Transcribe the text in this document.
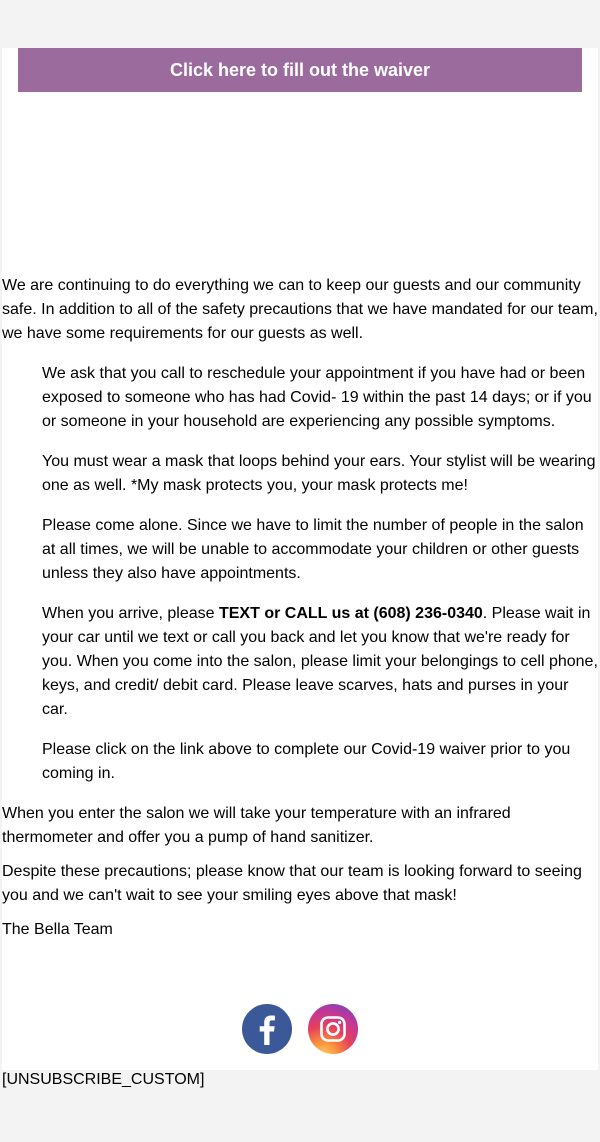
Click here to fill out the waiver

We are continuing to do everything we can to keep our guests and our community safe. In addition to all of the safety precautions that we have mandated for our team, we have some requirements for our guests as well.

We ask that you call to reschedule your appointment if you have had or been exposed to someone who has had Covid- 19 within the past 14 days; or if you or someone in your household are experiencing any possible symptoms.

You must wear a mask that loops behind your ears. Your stylist will be wearing one as well. *My mask protects you, your mask protects me!

Please come alone. Since we have to limit the number of people in the salon at all times, we will be unable to accommodate your children or other guests unless they also have appointments.

When you arrive, please TEXT or CALL us at (608) 236-0340. Please wait in your car until we text or call you back and let you know that we're ready for you. When you come into the salon, please limit your belongings to cell phone, keys, and credit/ debit card. Please leave scarves, hats and purses in your car.

Please click on the link above to complete our Covid-19 waiver prior to you coming in.

When you enter the salon we will take your temperature with an infrared thermometer and offer you a pump of hand sanitizer.

Despite these precautions; please know that our team is looking forward to seeing you and we can't wait to see your smiling eyes above that mask!

The Bella Team

[UNSUBSCRIBE_CUSTOM]
